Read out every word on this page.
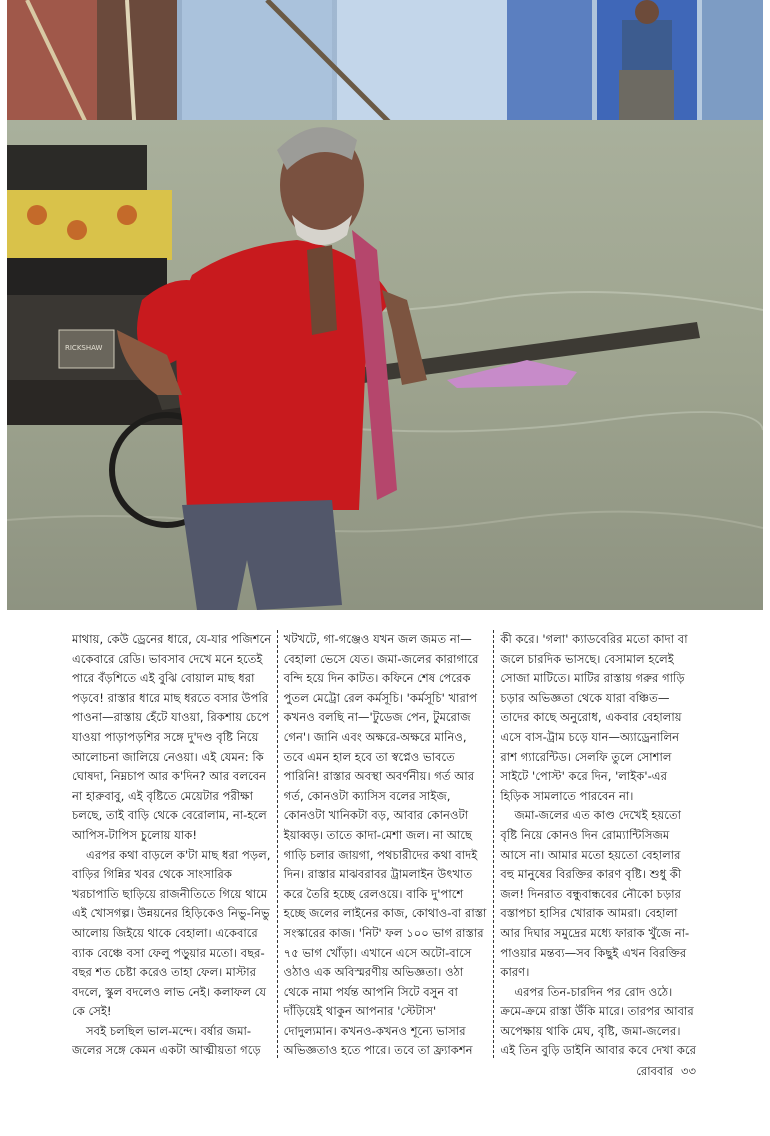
RICKSHAW

মাথায়, কেউ ড্রেনের ধারে, যে-যার পজিশনে একেবারে রেডি। ভাবসাব দেখে মনে হতেই পারে বঁড়শিতে এই বুঝি বোয়াল মাছ ধরা পড়বে! রাস্তার ধারে মাছ ধরতে বসার উপরি পাওনা—রাস্তায় হেঁটে যাওয়া, রিকশায় চেপে যাওয়া পাড়াপড়শির সঙ্গে দু'দণ্ড বৃষ্টি নিয়ে আলোচনা জালিয়ে নেওয়া। এই যেমন: কি ঘোষদা, নিম্নচাপ আর ক'দিন? আর বলবেন না হারুবাবু, এই বৃষ্টিতে মেয়েটার পরীক্ষা চলছে, তাই বাড়ি থেকে বেরোলাম, না-হলে আপিস-টাপিস চুলোয় যাক!

এরপর কথা বাড়লে ক'টা মাছ ধরা পড়ল, বাড়ির গিন্নির খবর থেকে সাংসারিক খরচাপাতি ছাড়িয়ে রাজনীতিতে গিয়ে থামে এই খোসগল্প। উন্নয়নের হিড়িকেও নিভু-নিভু আলোয় জিইয়ে থাকে বেহালা। একেবারে ব্যাক বেঞ্চে বসা ফেলু পড়ুয়ার মতো। বছর-বছর শত চেষ্টা করেও তাহা ফেল। মাস্টার বদলে, স্কুল বদলেও লাভ নেই। কলাফল যে কে সেই!

সবই চলছিল ভাল-মন্দে। বর্ষার জমা-জলের সঙ্গে কেমন একটা আত্মীয়তা গড়ে

খটখটে, গা-গঞ্জেও যখন জল জমত না—বেহালা ভেসে যেত। জমা-জলের কারাগারে বন্দি হয়ে দিন কাটত। কফিনে শেষ পেরেক পুতল মেট্রো রেল কর্মসূচি। 'কর্মসূচি' খারাপ কখনও বলছি না—'টুডেজ পেন, টুমরোজ গেন'। জানি এবং অক্ষরে-অক্ষরে মানিও, তবে এমন হাল হবে তা স্বপ্নেও ভাবতে পারিনি! রাস্তার অবস্থা অবর্ণনীয়। গর্ত আর গর্ত, কোনওটা ক্যাসিস বলের সাইজ, কোনওটা খানিকটা বড়, আবার কোনওটা ইয়াব্বড়। তাতে কাদা-মেশা জল। না আছে গাড়ি চলার জায়গা, পথচারীদের কথা বাদই দিন। রাস্তার মাঝবরাবর ট্রামলাইন উৎখাত করে তৈরি হচ্ছে রেলওয়ে। বাকি দু'পাশে হচ্ছে জলের লাইনের কাজ, কোথাও-বা রাস্তা সংস্কারের কাজ। 'নিট' ফল ১০০ ভাগ রাস্তার ৭৫ ভাগ খোঁড়া। এখানে এসে অটো-বাসে ওঠাও এক অবিস্মরণীয় অভিজ্ঞতা। ওঠা থেকে নামা পর্যন্ত আপনি সিটে বসুন বা দাঁড়িয়েই থাকুন আপনার 'স্টেটাস' দোদুল্যমান। কখনও-কখনও শূন্যে ভাসার অভিজ্ঞতাও হতে পারে। তবে তা ফ্র্যাকশন

কী করে। 'গলা' ক্যাডবেরির মতো কাদা বা জলে চারদিক ভাসছে। বেসামাল হলেই সোজা মাটিতে। মাটির রাস্তায় গরুর গাড়ি চড়ার অভিজ্ঞতা থেকে যারা বঞ্চিত—তাদের কাছে অনুরোধ, একবার বেহালায় এসে বাস-ট্রাম চড়ে যান—অ্যাড্রেনালিন রাশ গ্যারেন্টিড। সেলফি তুলে সোশাল সাইটে 'পোস্ট' করে দিন, 'লাইক'-এর হিড়িক সামলাতে পারবেন না।

জমা-জলের এত কাণ্ড দেখেই হয়তো বৃষ্টি নিয়ে কোনও দিন রোম্যান্টিসিজম আসে না। আমার মতো হয়তো বেহালার বহু মানুষের বিরক্তির কারণ বৃষ্টি। শুধু কী জল! দিনরাত বন্ধুবান্ধবের নৌকো চড়ার বস্তাপচা হাসির খোরাক আমরা। বেহালা আর দিঘার সমুদ্রের মধ্যে ফারাক খুঁজে না-পাওয়ার মন্তব্য—সব কিছুই এখন বিরক্তির কারণ।

এরপর তিন-চারদিন পর রোদ ওঠে। ক্রমে-ক্রমে রাস্তা উঁকি মারে। তারপর আবার অপেক্ষায় থাকি মেঘ, বৃষ্টি, জমা-জলের। এই তিন বুড়ি ডাইনি আবার কবে দেখা করে

রোববার ৩৩
